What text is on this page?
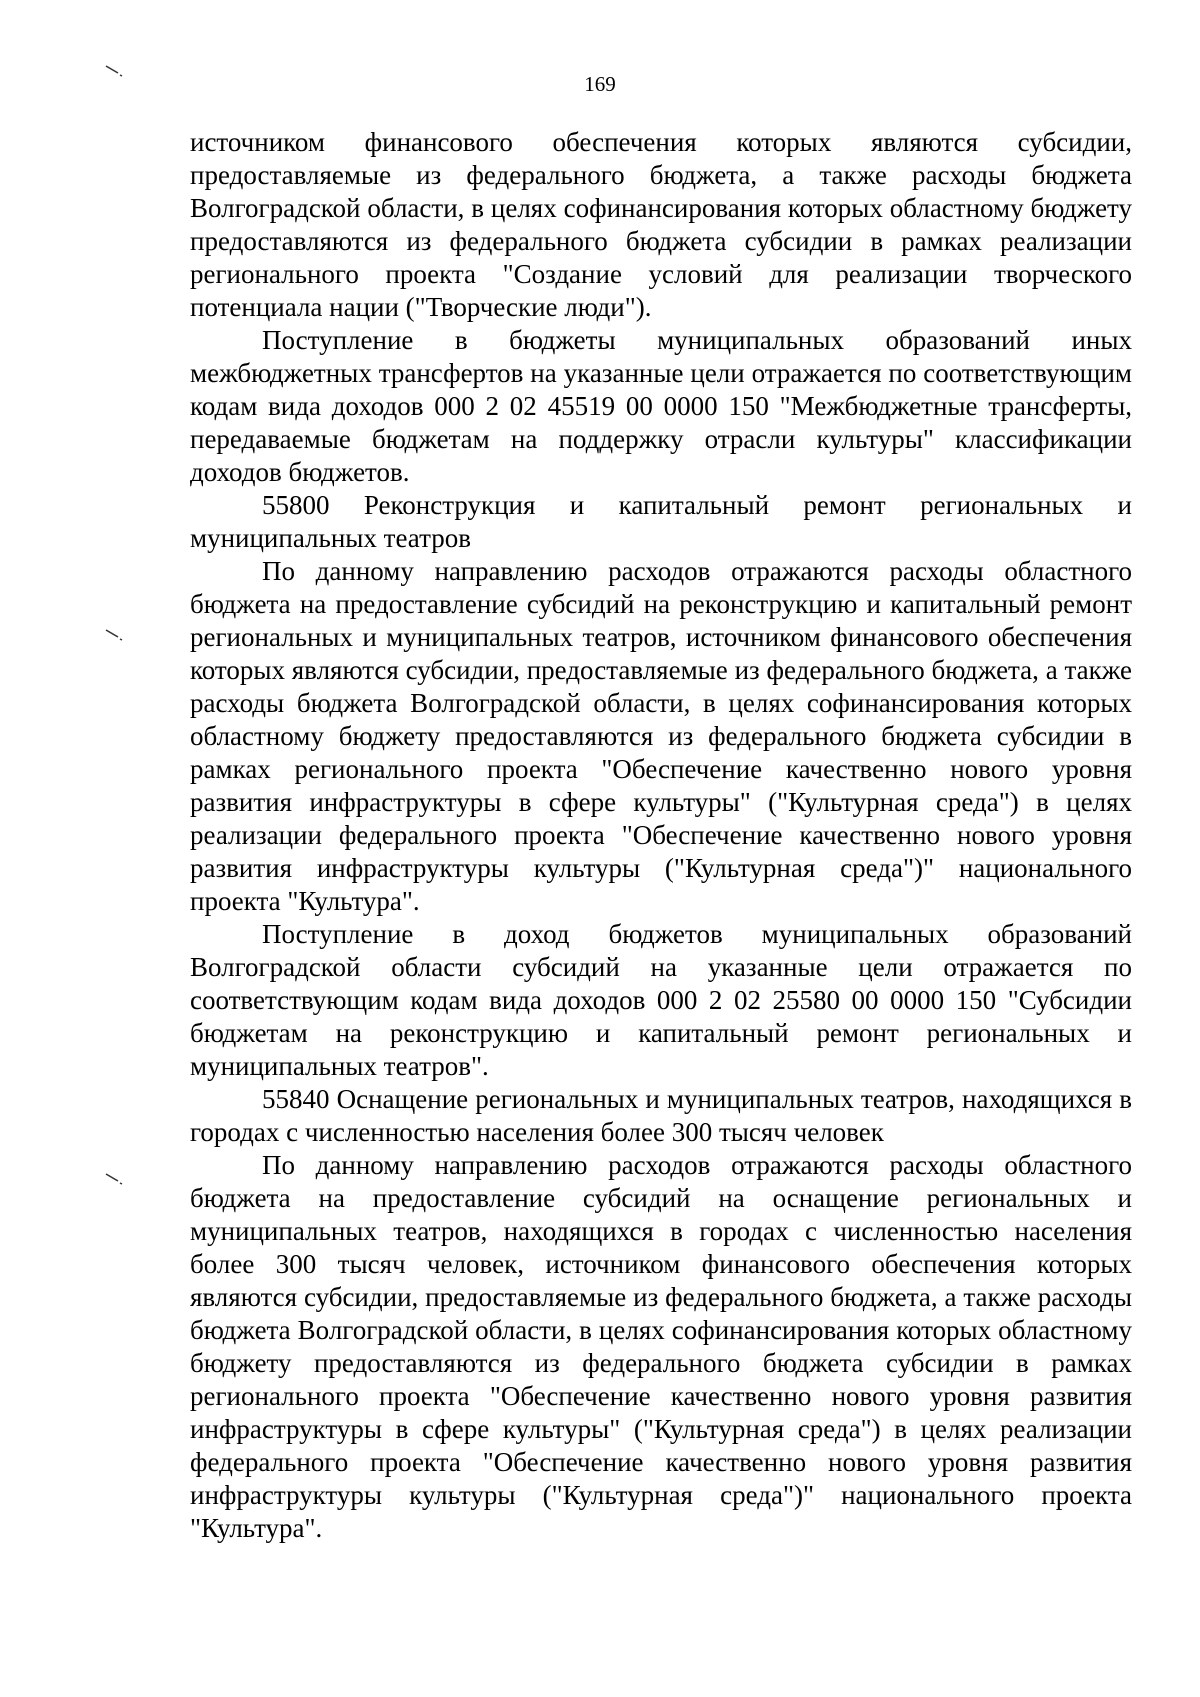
169

источником финансового обеспечения которых являются субсидии, предоставляемые из федерального бюджета, а также расходы бюджета Волгоградской области, в целях софинансирования которых областному бюджету предоставляются из федерального бюджета субсидии в рамках реализации регионального проекта "Создание условий для реализации творческого потенциала нации ("Творческие люди").

Поступление в бюджеты муниципальных образований иных межбюджетных трансфертов на указанные цели отражается по соответствующим кодам вида доходов 000 2 02 45519 00 0000 150 "Межбюджетные трансферты, передаваемые бюджетам на поддержку отрасли культуры" классификации доходов бюджетов.

55800 Реконструкция и капитальный ремонт региональных и муниципальных театров

По данному направлению расходов отражаются расходы областного бюджета на предоставление субсидий на реконструкцию и капитальный ремонт региональных и муниципальных театров, источником финансового обеспечения которых являются субсидии, предоставляемые из федерального бюджета, а также расходы бюджета Волгоградской области, в целях софинансирования которых областному бюджету предоставляются из федерального бюджета субсидии в рамках регионального проекта "Обеспечение качественно нового уровня развития инфраструктуры в сфере культуры" ("Культурная среда") в целях реализации федерального проекта "Обеспечение качественно нового уровня развития инфраструктуры культуры ("Культурная среда")" национального проекта "Культура".

Поступление в доход бюджетов муниципальных образований Волгоградской области субсидий на указанные цели отражается по соответствующим кодам вида доходов 000 2 02 25580 00 0000 150 "Субсидии бюджетам на реконструкцию и капитальный ремонт региональных и муниципальных театров".

55840 Оснащение региональных и муниципальных театров, находящихся в городах с численностью населения более 300 тысяч человек

По данному направлению расходов отражаются расходы областного бюджета на предоставление субсидий на оснащение региональных и муниципальных театров, находящихся в городах с численностью населения более 300 тысяч человек, источником финансового обеспечения которых являются субсидии, предоставляемые из федерального бюджета, а также расходы бюджета Волгоградской области, в целях софинансирования которых областному бюджету предоставляются из федерального бюджета субсидии в рамках регионального проекта "Обеспечение качественно нового уровня развития инфраструктуры в сфере культуры" ("Культурная среда") в целях реализации федерального проекта "Обеспечение качественно нового уровня развития инфраструктуры культуры ("Культурная среда")" национального проекта "Культура".
